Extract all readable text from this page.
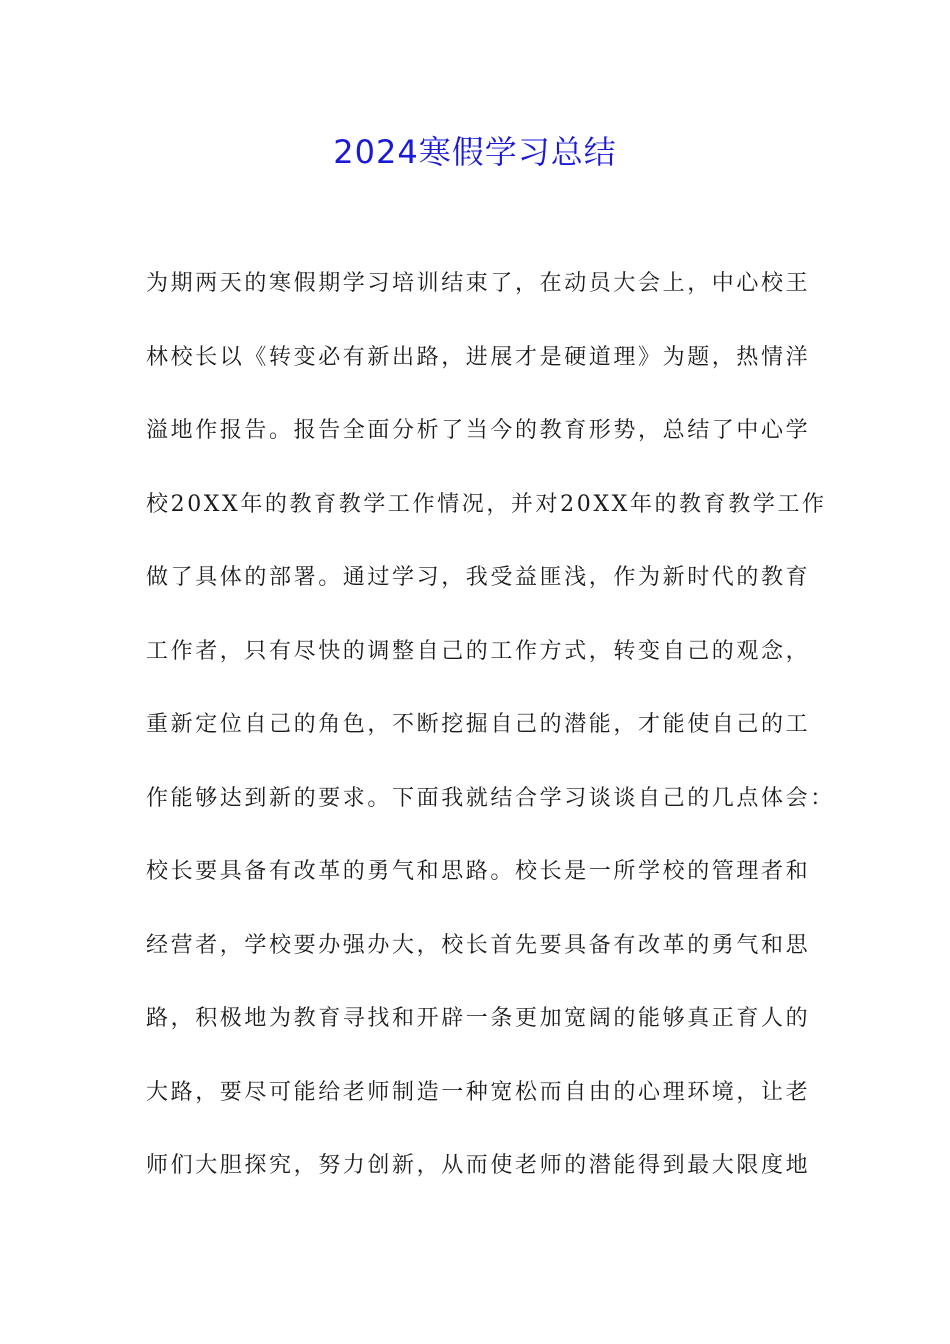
2024寒假学习总结
为期两天的寒假期学习培训结束了，在动员大会上，中心校王
林校长以《转变必有新出路，进展才是硬道理》为题，热情洋
溢地作报告。报告全面分析了当今的教育形势，总结了中心学
校20XX年的教育教学工作情况，并对20XX年的教育教学工作
做了具体的部署。通过学习，我受益匪浅，作为新时代的教育
工作者，只有尽快的调整自己的工作方式，转变自己的观念，
重新定位自己的角色，不断挖掘自己的潜能，才能使自己的工
作能够达到新的要求。下面我就结合学习谈谈自己的几点体会：
校长要具备有改革的勇气和思路。校长是一所学校的管理者和
经营者，学校要办强办大，校长首先要具备有改革的勇气和思
路，积极地为教育寻找和开辟一条更加宽阔的能够真正育人的
大路，要尽可能给老师制造一种宽松而自由的心理环境，让老
师们大胆探究，努力创新，从而使老师的潜能得到最大限度地
